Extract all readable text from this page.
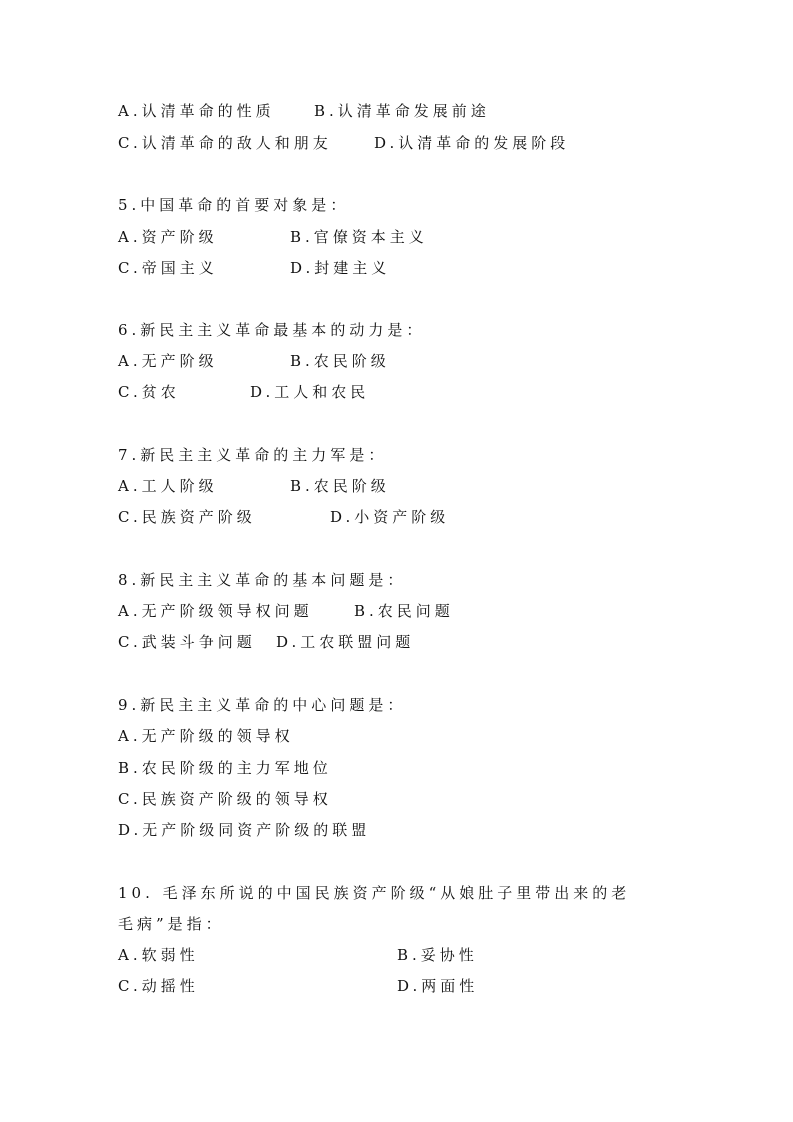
A.认清革命的性质	B.认清革命发展前途
C.认清革命的敌人和朋友	D.认清革命的发展阶段
5.中国革命的首要对象是：
A.资产阶级	B.官僚资本主义
C.帝国主义	D.封建主义
6.新民主主义革命最基本的动力是：
A.无产阶级	B.农民阶级
C.贫农	D.工人和农民
7.新民主主义革命的主力军是：
A.工人阶级	B.农民阶级
C.民族资产阶级	D.小资产阶级
8.新民主主义革命的基本问题是：
A.无产阶级领导权问题	B.农民问题
C.武装斗争问题 D.工农联盟问题
9.新民主主义革命的中心问题是：
A.无产阶级的领导权
B.农民阶级的主力军地位
C.民族资产阶级的领导权
D.无产阶级同资产阶级的联盟
10. 毛泽东所说的中国民族资产阶级“从娘肚子里带出来的老
毛病”是指：
A.软弱性	B.妥协性
C.动摇性	D.两面性
